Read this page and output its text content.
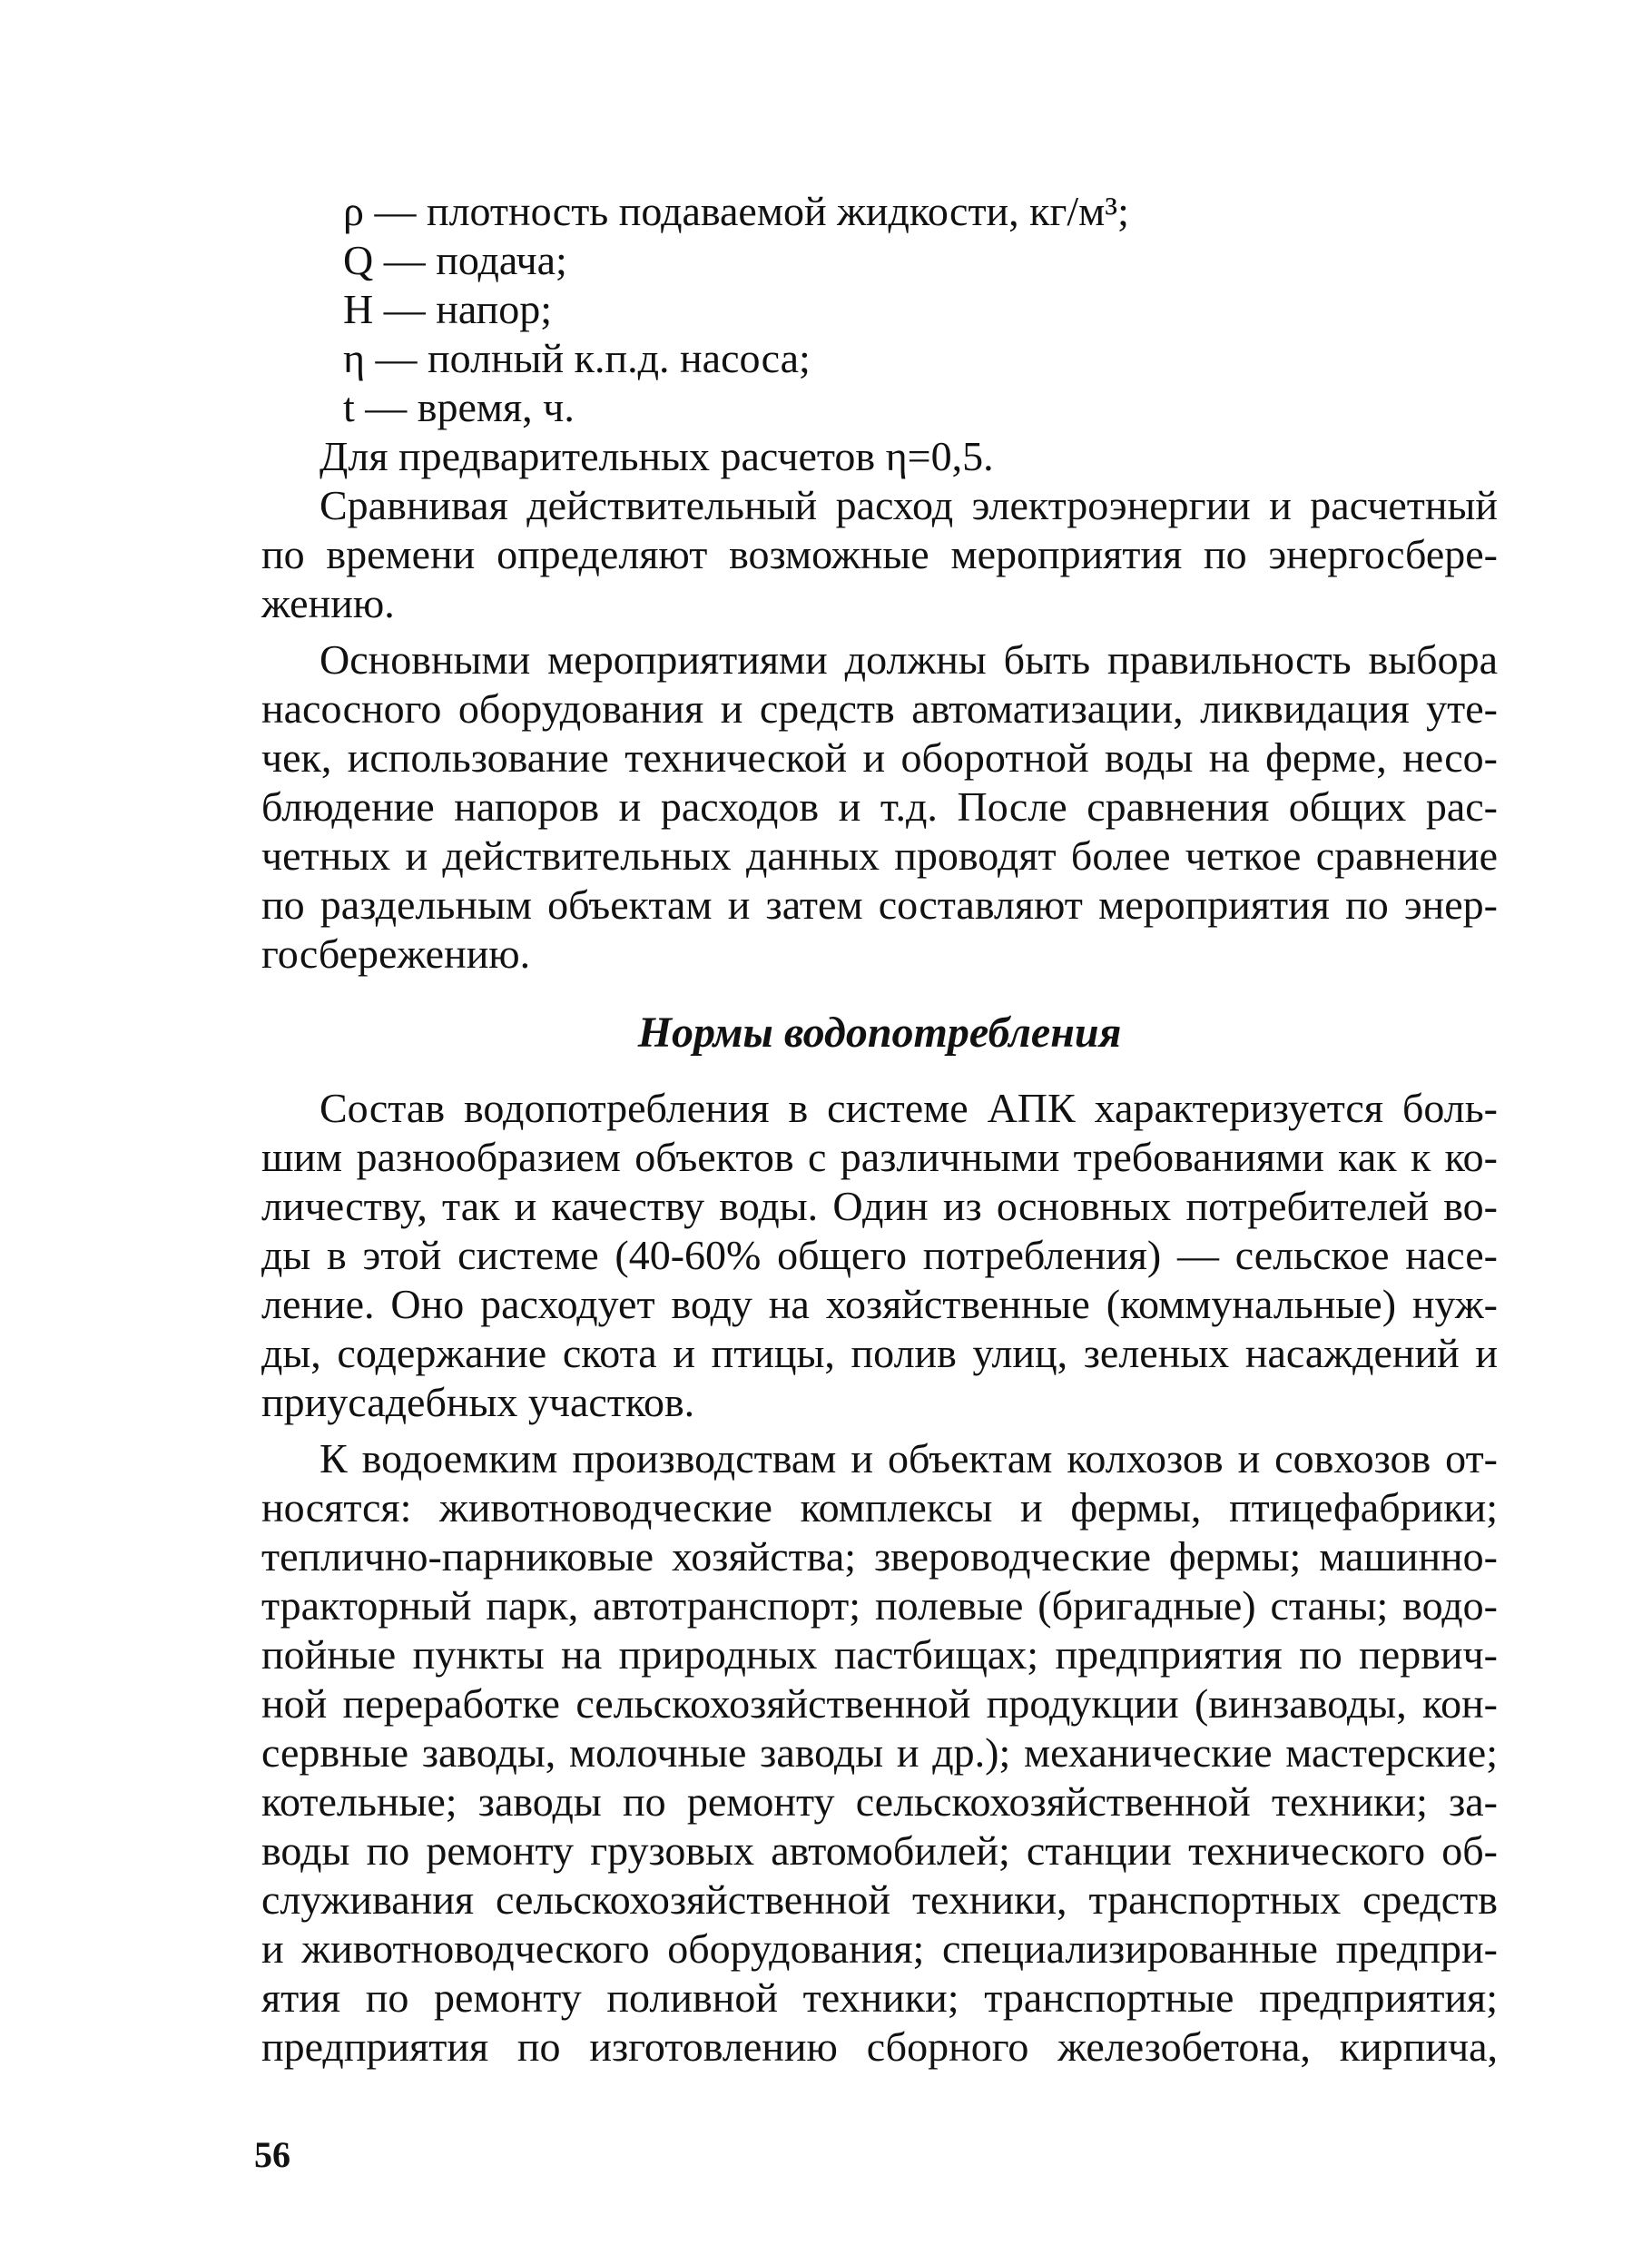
ρ — плотность подаваемой жидкости, кг/м³;

Q — подача;

H — напор;

η — полный к.п.д. насоса;

t — время, ч.

Для предварительных расчетов η=0,5.

Сравнивая действительный расход электроэнергии и расчетный

по времени определяют возможные мероприятия по энергосбере-

жению.

Основными мероприятиями должны быть правильность выбора

насосного оборудования и средств автоматизации, ликвидация уте-

чек, использование технической и оборотной воды на ферме, несо-

блюдение напоров и расходов и т.д. После сравнения общих рас-

четных и действительных данных проводят более четкое сравнение

по раздельным объектам и затем составляют мероприятия по энер-

госбережению.

Нормы водопотребления

Состав водопотребления в системе АПК характеризуется боль-

шим разнообразием объектов с различными требованиями как к ко-

личеству, так и качеству воды. Один из основных потребителей во-

ды в этой системе (40-60% общего потребления) — сельское насе-

ление. Оно расходует воду на хозяйственные (коммунальные) нуж-

ды, содержание скота и птицы, полив улиц, зеленых насаждений и

приусадебных участков.

К водоемким производствам и объектам колхозов и совхозов от-

носятся: животноводческие комплексы и фермы, птицефабрики;

теплично-парниковые хозяйства; звероводческие фермы; машинно-

тракторный парк, автотранспорт; полевые (бригадные) станы; водо-

пойные пункты на природных пастбищах; предприятия по первич-

ной переработке сельскохозяйственной продукции (винзаводы, кон-

сервные заводы, молочные заводы и др.); механические мастерские;

котельные; заводы по ремонту сельскохозяйственной техники; за-

воды по ремонту грузовых автомобилей; станции технического об-

служивания сельскохозяйственной техники, транспортных средств

и животноводческого оборудования; специализированные предпри-

ятия по ремонту поливной техники; транспортные предприятия;

предприятия по изготовлению сборного железобетона, кирпича,

56
